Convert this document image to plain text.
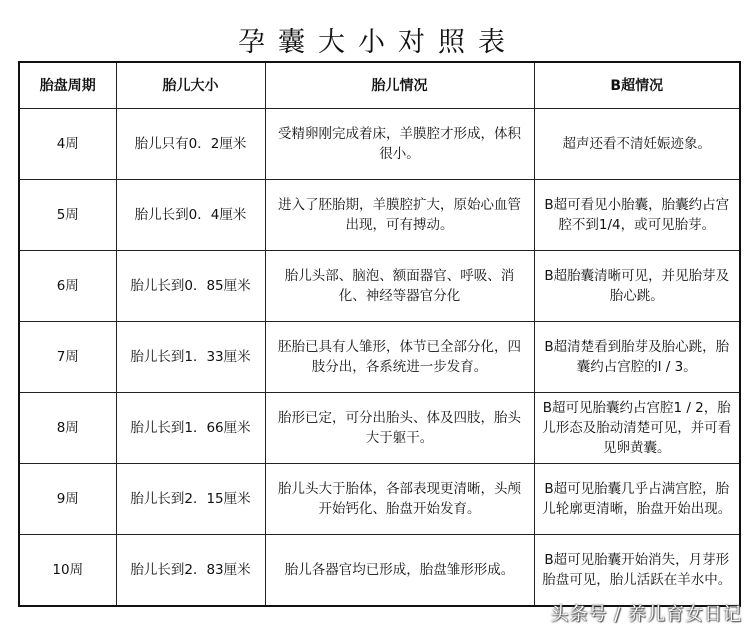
孕囊大小对照表
胎盘周期	胎儿大小	胎儿情况	B超情况
4周	胎儿只有0．2厘米	受精卵刚完成着床，羊膜腔才形成，体积很小。	超声还看不清妊娠迹象。
5周	胎儿长到0．4厘米	进入了胚胎期，羊膜腔扩大，原始心血管出现，可有搏动。	B超可看见小胎囊，胎囊约占宫腔不到1/4，或可见胎芽。
6周	胎儿长到0．85厘米	胎儿头部、脑泡、额面器官、呼吸、消化、神经等器官分化	B超胎囊清晰可见，并见胎芽及胎心跳。
7周	胎儿长到1．33厘米	胚胎已具有人雏形，体节已全部分化，四肢分出，各系统进一步发育。	B超清楚看到胎芽及胎心跳，胎囊约占宫腔的l / 3。
8周	胎儿长到1．66厘米	胎形已定，可分出胎头、体及四肢，胎头大于躯干。	B超可见胎囊约占宫腔1 / 2，胎儿形态及胎动清楚可见，并可看见卵黄囊。
9周	胎儿长到2．15厘米	胎儿头大于胎体，各部表现更清晰，头颅开始钙化、胎盘开始发育。	B超可见胎囊几乎占满宫腔，胎儿轮廓更清晰，胎盘开始出现。
10周	胎儿长到2．83厘米	胎儿各器官均已形成，胎盘雏形形成。	B超可见胎囊开始消失，月芽形胎盘可见，胎儿活跃在羊水中。
头条号 / 养儿育女日记
